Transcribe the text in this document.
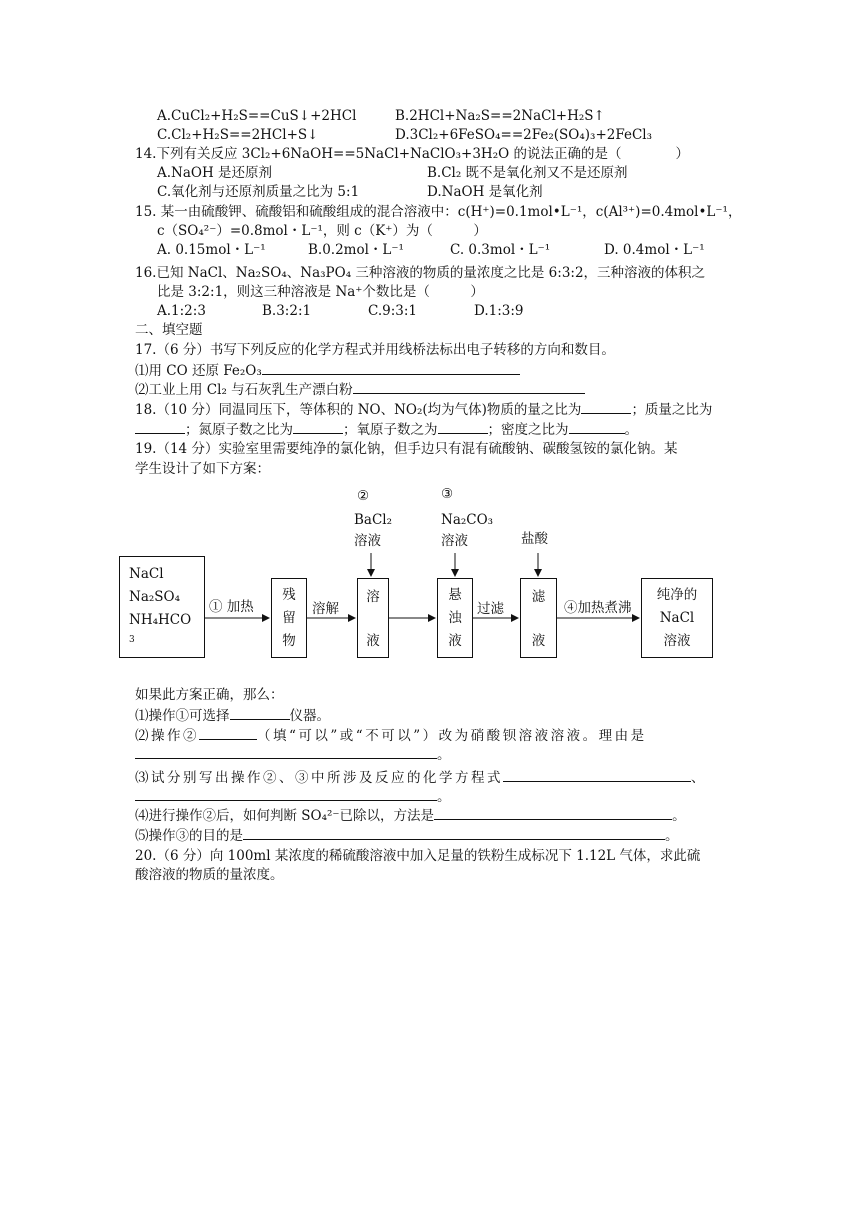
A.CuCl₂+H₂S==CuS↓+2HCl	B.2HCl+Na₂S==2NaCl+H₂S↑
C.Cl₂+H₂S==2HCl+S↓	D.3Cl₂+6FeSO₄==2Fe₂(SO₄)₃+2FeCl₃
14.下列有关反应 3Cl₂+6NaOH==5NaCl+NaClO₃+3H₂O 的说法正确的是（　　　　）
A.NaOH 是还原剂	B.Cl₂ 既不是氧化剂又不是还原剂
C.氧化剂与还原剂质量之比为 5:1	D.NaOH 是氧化剂
15. 某一由硫酸钾、硫酸铝和硫酸组成的混合溶液中：c(H⁺)=0.1mol•L⁻¹，c(Al³⁺)=0.4mol•L⁻¹，
c（SO₄²⁻）=0.8mol・L⁻¹，则 c（K⁺）为（　　　）
A. 0.15mol・L⁻¹	B.0.2mol・L⁻¹	C. 0.3mol・L⁻¹	D. 0.4mol・L⁻¹
16.已知 NaCl、Na₂SO₄、Na₃PO₄ 三种溶液的物质的量浓度之比是 6:3:2，三种溶液的体积之
比是 3:2:1，则这三种溶液是 Na⁺个数比是（　　　）
A.1:2:3	B.3:2:1	C.9:3:1	D.1:3:9
二、填空题
17.（6 分）书写下列反应的化学方程式并用线桥法标出电子转移的方向和数目。
⑴用 CO 还原 Fe₂O₃
⑵工业上用 Cl₂ 与石灰乳生产漂白粉
18.（10 分）同温同压下，等体积的 NO、NO₂(均为气体)物质的量之比为	；质量之比为
；氮原子数之比为	；氧原子数之为	；密度之比为	。
19.（14 分）实验室里需要纯净的氯化钠，但手边只有混有硫酸钠、碳酸氢铵的氯化钠。某
学生设计了如下方案：
NaCl
Na₂SO₄
NH₄HCO
3
① 加热
残
留
物
溶解
②
BaCl₂
溶液
溶
液
③
Na₂CO₃
溶液
悬
浊
液
过滤
盐酸
滤
液
④加热煮沸
纯净的
NaCl
溶液
如果此方案正确，那么：
⑴操作①可选择	仪器。
⑵操作②	（填“可以”或“不可以”）改为硝酸钡溶液溶液。理由是
。
⑶试分别写出操作②、③中所涉及反应的化学方程式	、
。
⑷进行操作②后，如何判断 SO₄²⁻已除以，方法是	。
⑸操作③的目的是	。
20.（6 分）向 100ml 某浓度的稀硫酸溶液中加入足量的铁粉生成标况下 1.12L 气体，求此硫
酸溶液的物质的量浓度。
